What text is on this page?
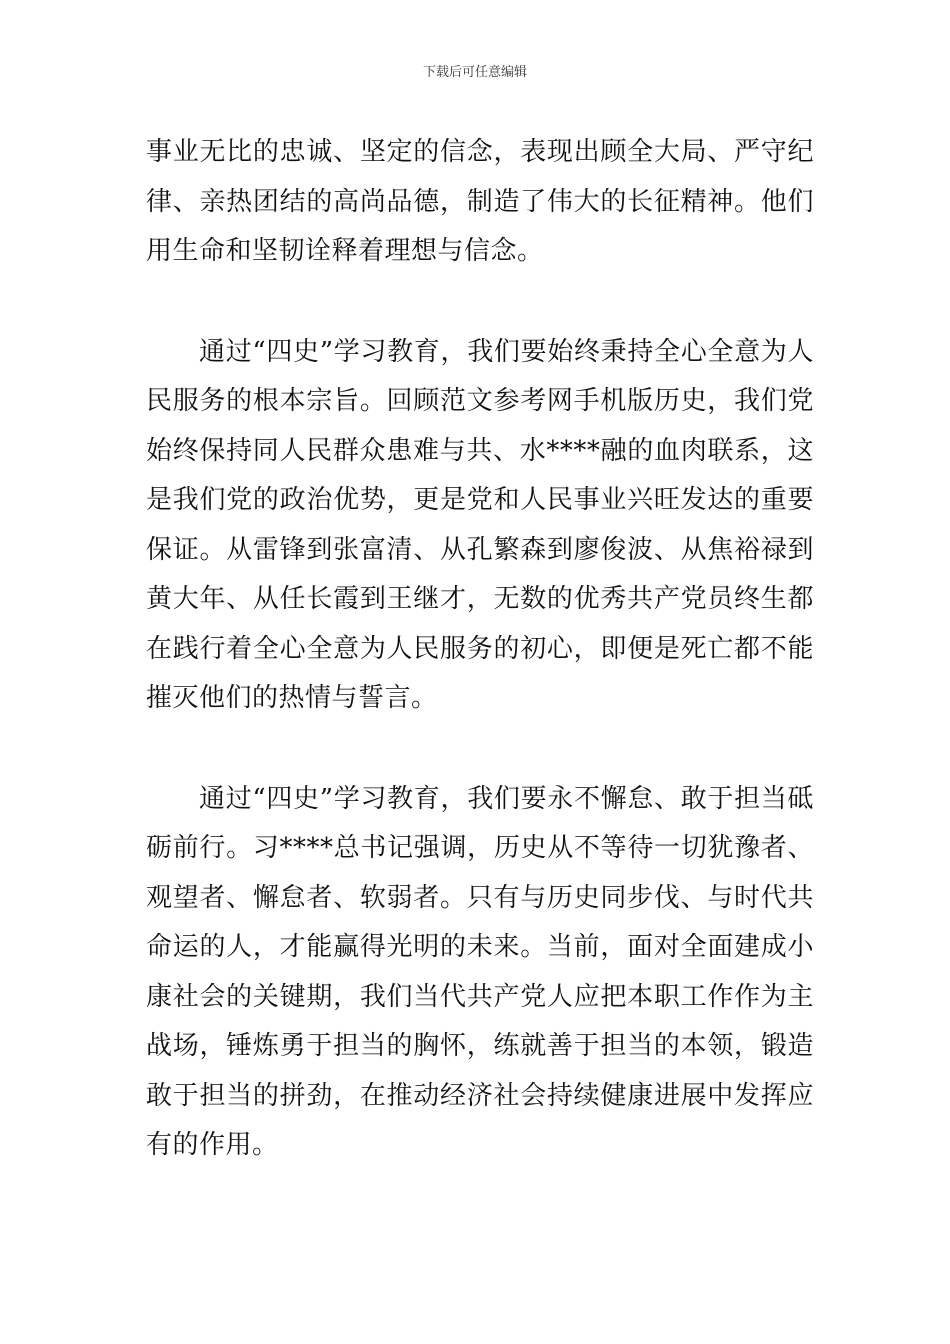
下载后可任意编辑

事业无比的忠诚、坚定的信念，表现出顾全大局、严守纪律、亲热团结的高尚品德，制造了伟大的长征精神。他们用生命和坚韧诠释着理想与信念。

通过“四史”学习教育，我们要始终秉持全心全意为人民服务的根本宗旨。回顾范文参考网手机版历史，我们党始终保持同人民群众患难与共、水****融的血肉联系，这是我们党的政治优势，更是党和人民事业兴旺发达的重要保证。从雷锋到张富清、从孔繁森到廖俊波、从焦裕禄到黄大年、从任长霞到王继才，无数的优秀共产党员终生都在践行着全心全意为人民服务的初心，即便是死亡都不能摧灭他们的热情与誓言。

通过“四史”学习教育，我们要永不懈怠、敢于担当砥砺前行。习****总书记强调，历史从不等待一切犹豫者、观望者、懈怠者、软弱者。只有与历史同步伐、与时代共命运的人，才能赢得光明的未来。当前，面对全面建成小康社会的关键期，我们当代共产党人应把本职工作作为主战场，锤炼勇于担当的胸怀，练就善于担当的本领，锻造敢于担当的拼劲，在推动经济社会持续健康进展中发挥应有的作用。
